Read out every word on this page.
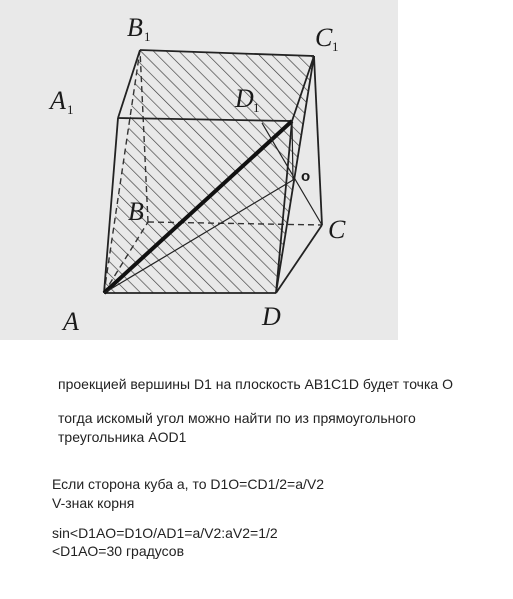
A
B
C
D
A 1
B 1	C 1
D 1
o

проекцией вершины D1 на плоскость AB1C1D будет точка О

тогда искомый угол можно найти по из прямоугольного

треугольника AOD1

Если сторона куба а, то D1O=CD1/2=a/V2

V-знак корня

sin<D1AO=D1O/AD1=a/V2:aV2=1/2

<D1AO=30 градусов
